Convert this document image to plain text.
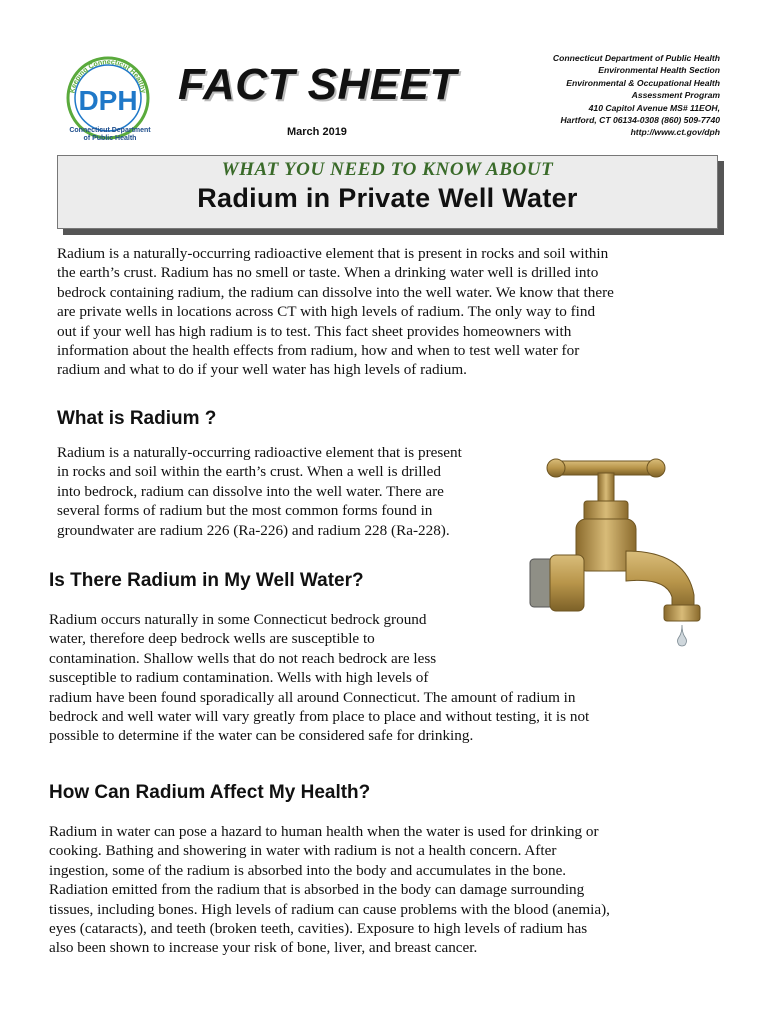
Keeping Connecticut Healthy
DPH
Connecticut Department
of Public Health
FACT SHEET
March 2019
Connecticut Department of Public Health
Environmental Health Section
Environmental & Occupational Health
Assessment Program
410 Capitol Avenue MS# 11EOH,
Hartford, CT 06134-0308 (860) 509-7740
http://www.ct.gov/dph
WHAT YOU NEED TO KNOW ABOUT
Radium in Private Well Water
Radium is a naturally-occurring radioactive element that is present in rocks and soil within
the earth’s crust. Radium has no smell or taste. When a drinking water well is drilled into
bedrock containing radium, the radium can dissolve into the well water. We know that there
are private wells in locations across CT with high levels of radium. The only way to find
out if your well has high radium is to test. This fact sheet provides homeowners with
information about the health effects from radium, how and when to test well water for
radium and what to do if your well water has high levels of radium.
What is Radium ?
Radium is a naturally-occurring radioactive element that is present
in rocks and soil within the earth’s crust. When a well is drilled
into bedrock, radium can dissolve into the well water. There are
several forms of radium but the most common forms found in
groundwater are radium 226 (Ra-226) and radium 228 (Ra-228).
Is There Radium in My Well Water?
Radium occurs naturally in some Connecticut bedrock ground
water, therefore deep bedrock wells are susceptible to
contamination. Shallow wells that do not reach bedrock are less
susceptible to radium contamination. Wells with high levels of
radium have been found sporadically all around Connecticut. The amount of radium in
bedrock and well water will vary greatly from place to place and without testing, it is not
possible to determine if the water can be considered safe for drinking.
How Can Radium Affect My Health?
Radium in water can pose a hazard to human health when the water is used for drinking or
cooking. Bathing and showering in water with radium is not a health concern. After
ingestion, some of the radium is absorbed into the body and accumulates in the bone.
Radiation emitted from the radium that is absorbed in the body can damage surrounding
tissues, including bones. High levels of radium can cause problems with the blood (anemia),
eyes (cataracts), and teeth (broken teeth, cavities). Exposure to high levels of radium has
also been shown to increase your risk of bone, liver, and breast cancer.
